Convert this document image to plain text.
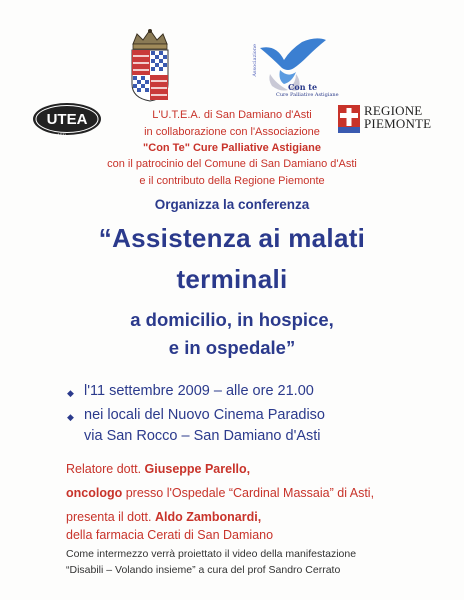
Associazione
Con te
Cure Palliative Astigiane
UTEA
ASTI
REGIONE
PIEMONTE
L'U.T.E.A. di San Damiano d'Asti
in collaborazione con l'Associazione
"Con Te" Cure Palliative Astigiane
con il patrocinio del Comune di San Damiano d'Asti
e il contributo della Regione Piemonte
Organizza la conferenza
“Assistenza ai malati
terminali
a domicilio, in hospice,
e in ospedale”
◆ l'11 settembre 2009 – alle ore 21.00
◆ nei locali del Nuovo Cinema Paradiso
via San Rocco – San Damiano d'Asti
Relatore dott. Giuseppe Parello,
oncologo presso l'Ospedale “Cardinal Massaia” di Asti,
presenta il dott. Aldo Zambonardi,
della farmacia Cerati di San Damiano
Come intermezzo verrà proiettato il video della manifestazione
“Disabili – Volando insieme” a cura del prof Sandro Cerrato
